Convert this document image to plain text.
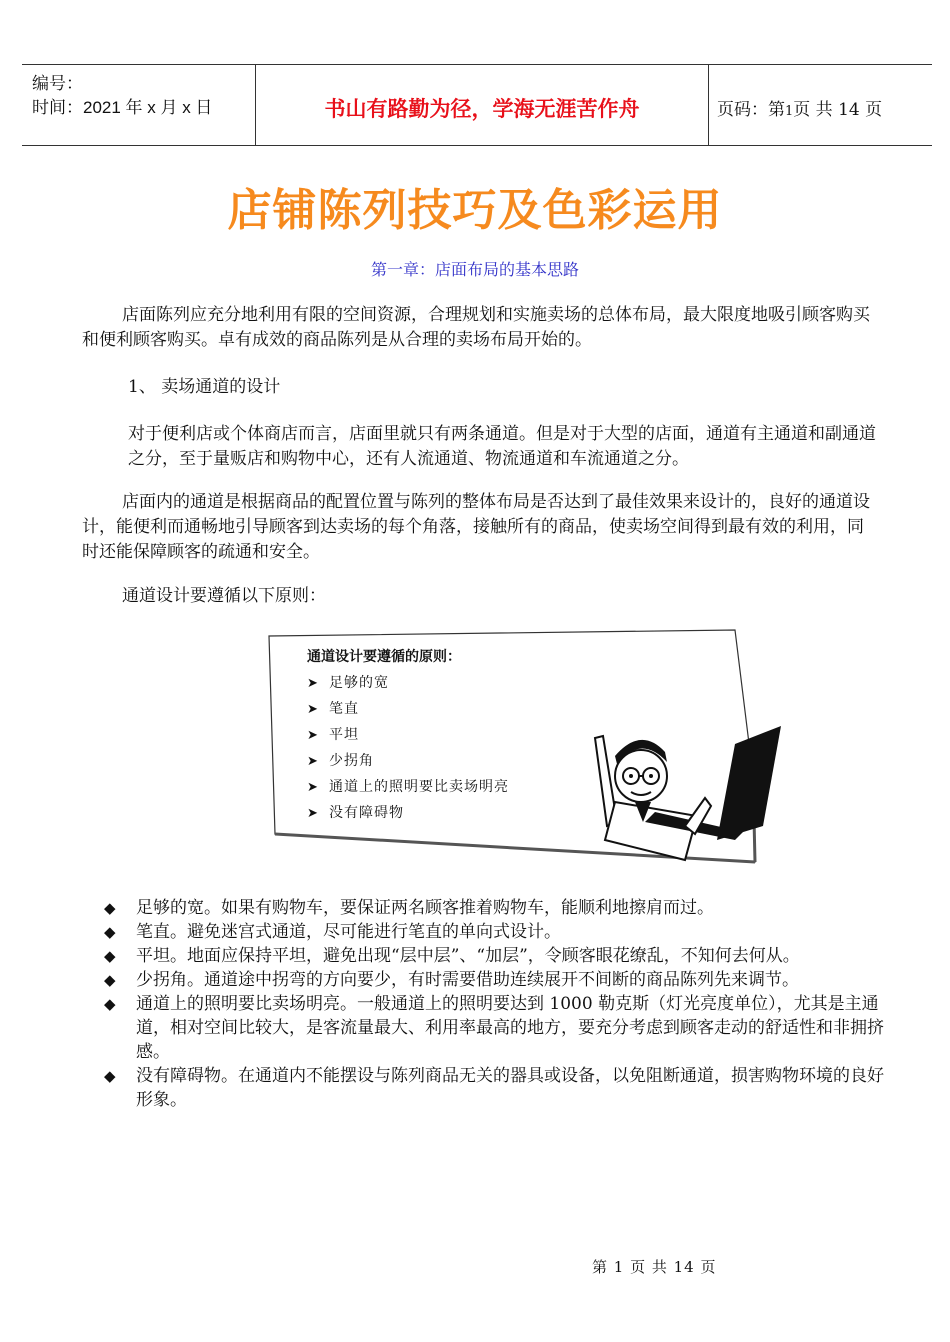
编号：
时间：2021 年 x 月 x 日	书山有路勤为径，学海无涯苦作舟	页码：第1页 共 14 页
店铺陈列技巧及色彩运用
第一章：店面布局的基本思路
店面陈列应充分地利用有限的空间资源，合理规划和实施卖场的总体布局，最大限度地吸引顾客购买和便利顾客购买。卓有成效的商品陈列是从合理的卖场布局开始的。
1、 卖场通道的设计
对于便利店或个体商店而言，店面里就只有两条通道。但是对于大型的店面，通道有主通道和副通道之分，至于量贩店和购物中心，还有人流通道、物流通道和车流通道之分。
店面内的通道是根据商品的配置位置与陈列的整体布局是否达到了最佳效果来设计的，良好的通道设计，能便利而通畅地引导顾客到达卖场的每个角落，接触所有的商品，使卖场空间得到最有效的利用，同时还能保障顾客的疏通和安全。
通道设计要遵循以下原则：
通道设计要遵循的原则：
➤ 足够的宽
➤ 笔直
➤ 平坦
➤ 少拐角
➤ 通道上的照明要比卖场明亮
➤ 没有障碍物
◆ 足够的宽。如果有购物车，要保证两名顾客推着购物车，能顺利地擦肩而过。
◆ 笔直。避免迷宫式通道，尽可能进行笔直的单向式设计。
◆ 平坦。地面应保持平坦，避免出现“层中层”、“加层”，令顾客眼花缭乱，不知何去何从。
◆ 少拐角。通道途中拐弯的方向要少，有时需要借助连续展开不间断的商品陈列先来调节。
◆ 通道上的照明要比卖场明亮。一般通道上的照明要达到 1000 勒克斯（灯光亮度单位），尤其是主通道，相对空间比较大，是客流量最大、利用率最高的地方，要充分考虑到顾客走动的舒适性和非拥挤感。
◆ 没有障碍物。在通道内不能摆设与陈列商品无关的器具或设备，以免阻断通道，损害购物环境的良好形象。
第 1 页 共 14 页
